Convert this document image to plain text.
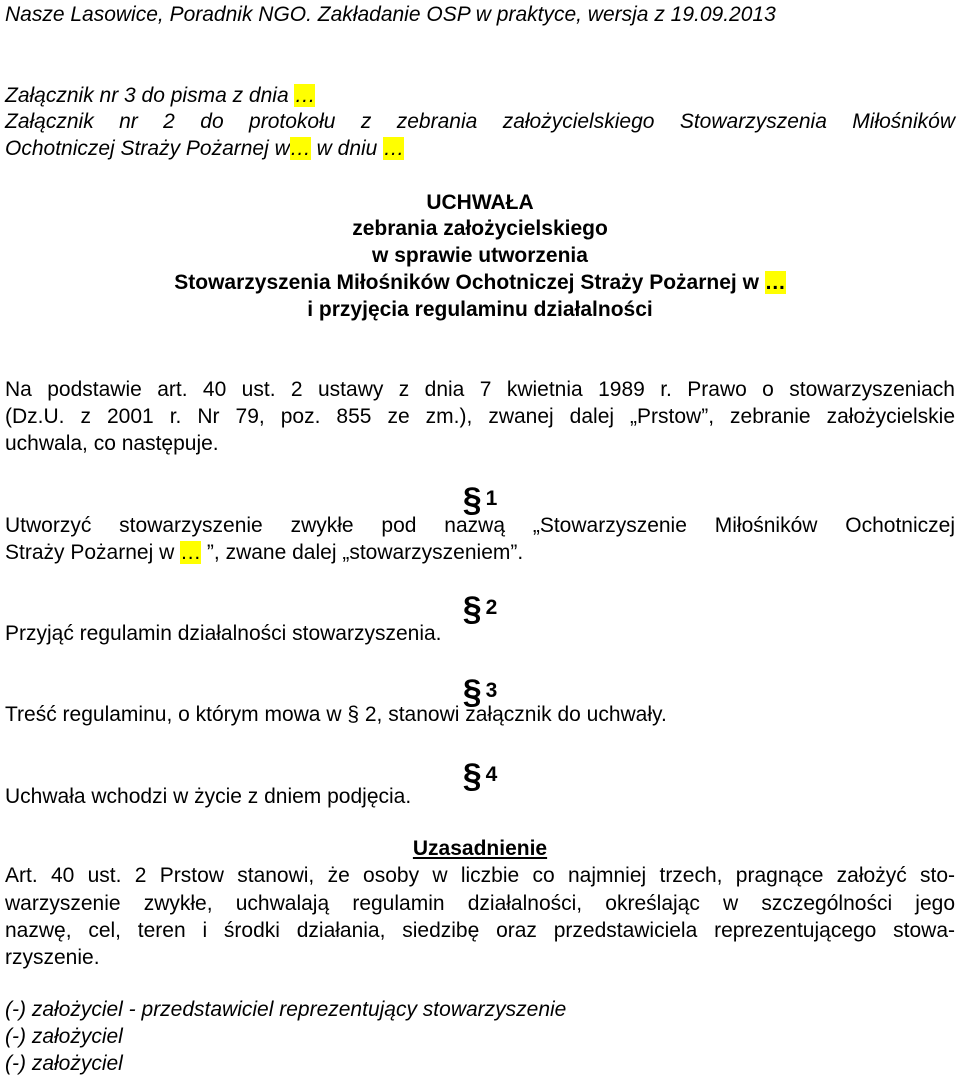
Nasze Lasowice, Poradnik NGO. Zakładanie OSP w praktyce, wersja z 19.09.2013
Załącznik nr 3 do pisma z dnia …
Załącznik nr 2 do protokołu z zebrania założycielskiego Stowarzyszenia Miłośników
Ochotniczej Straży Pożarnej w… w dniu …
UCHWAŁA
zebrania założycielskiego
w sprawie utworzenia
Stowarzyszenia Miłośników Ochotniczej Straży Pożarnej w …
i przyjęcia regulaminu działalności
Na podstawie art. 40 ust. 2 ustawy z dnia 7 kwietnia 1989 r. Prawo o stowarzyszeniach
(Dz.U. z 2001 r. Nr 79, poz. 855 ze zm.), zwanej dalej „Prstow”, zebranie założycielskie
uchwala, co następuje.
§ 1
Utworzyć stowarzyszenie zwykłe pod nazwą „Stowarzyszenie Miłośników Ochotniczej
Straży Pożarnej w … ”, zwane dalej „stowarzyszeniem”.
§ 2
Przyjąć regulamin działalności stowarzyszenia.
§ 3
Treść regulaminu, o którym mowa w § 2, stanowi załącznik do uchwały.
§ 4
Uchwała wchodzi w życie z dniem podjęcia.
Uzasadnienie
Art. 40 ust. 2 Prstow stanowi, że osoby w liczbie co najmniej trzech, pragnące założyć sto-
warzyszenie zwykłe, uchwalają regulamin działalności, określając w szczególności jego
nazwę, cel, teren i środki działania, siedzibę oraz przedstawiciela reprezentującego stowa-
rzyszenie.
(-) założyciel - przedstawiciel reprezentujący stowarzyszenie
(-) założyciel
(-) założyciel
